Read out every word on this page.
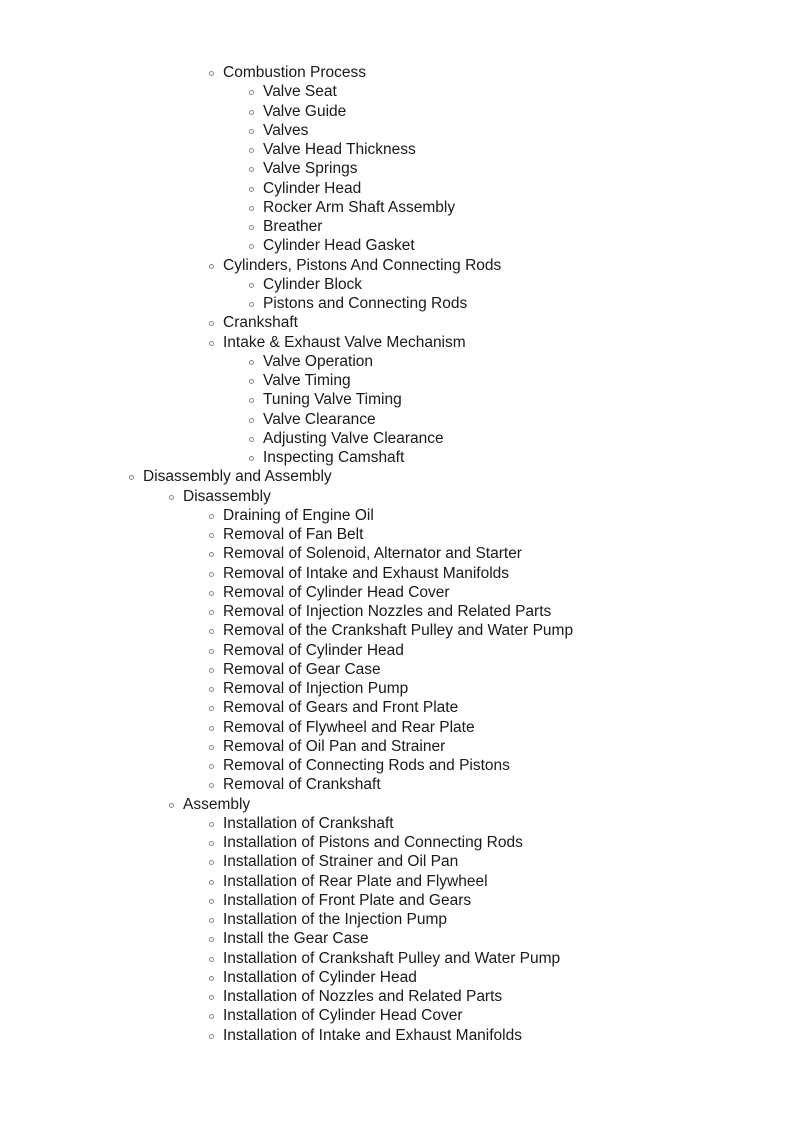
Combustion Process
Valve Seat
Valve Guide
Valves
Valve Head Thickness
Valve Springs
Cylinder Head
Rocker Arm Shaft Assembly
Breather
Cylinder Head Gasket
Cylinders, Pistons And Connecting Rods
Cylinder Block
Pistons and Connecting Rods
Crankshaft
Intake & Exhaust Valve Mechanism
Valve Operation
Valve Timing
Tuning Valve Timing
Valve Clearance
Adjusting Valve Clearance
Inspecting Camshaft
Disassembly and Assembly
Disassembly
Draining of Engine Oil
Removal of Fan Belt
Removal of Solenoid, Alternator and Starter
Removal of Intake and Exhaust Manifolds
Removal of Cylinder Head Cover
Removal of Injection Nozzles and Related Parts
Removal of the Crankshaft Pulley and Water Pump
Removal of Cylinder Head
Removal of Gear Case
Removal of Injection Pump
Removal of Gears and Front Plate
Removal of Flywheel and Rear Plate
Removal of Oil Pan and Strainer
Removal of Connecting Rods and Pistons
Removal of Crankshaft
Assembly
Installation of Crankshaft
Installation of Pistons and Connecting Rods
Installation of Strainer and Oil Pan
Installation of Rear Plate and Flywheel
Installation of Front Plate and Gears
Installation of the Injection Pump
Install the Gear Case
Installation of Crankshaft Pulley and Water Pump
Installation of Cylinder Head
Installation of Nozzles and Related Parts
Installation of Cylinder Head Cover
Installation of Intake and Exhaust Manifolds
